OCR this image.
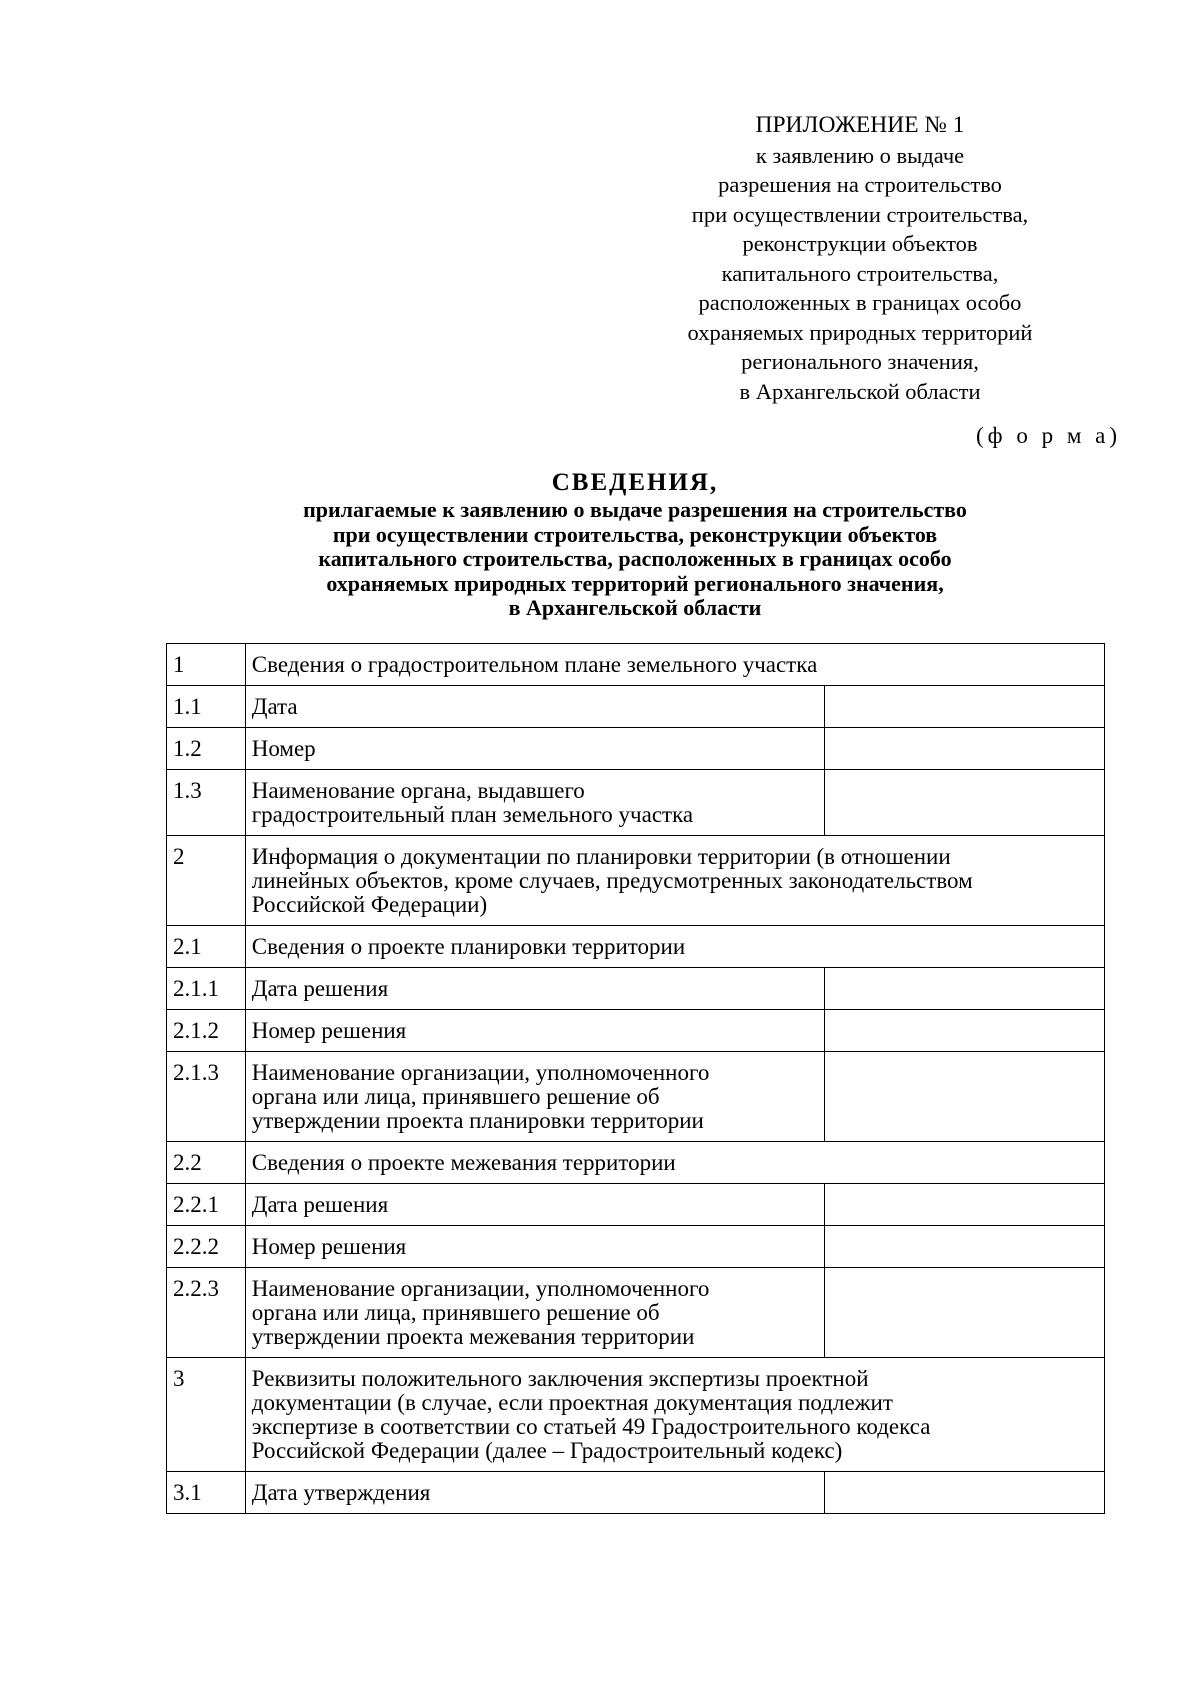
ПРИЛОЖЕНИЕ № 1
к заявлению о выдаче
разрешения на строительство
при осуществлении строительства,
реконструкции объектов
капитального строительства,
расположенных в границах особо
охраняемых природных территорий
регионального значения,
в Архангельской области
(ф о р м а)
СВЕДЕНИЯ,
прилагаемые к заявлению о выдаче разрешения на строительство
при осуществлении строительства, реконструкции объектов
капитального строительства, расположенных в границах особо
охраняемых природных территорий регионального значения,
в Архангельской области
1	Сведения о градостроительном плане земельного участка	

1.1	Дата	

1.2	Номер	

1.3	Наименование органа, выдавшего
градостроительный план земельного участка	

2	Информация о документации по планировки территории (в отношении
линейных объектов, кроме случаев, предусмотренных законодательством
Российской Федерации)	

2.1	Сведения о проекте планировки территории	

2.1.1	Дата решения	

2.1.2	Номер решения	

2.1.3	Наименование организации, уполномоченного
органа или лица, принявшего решение об
утверждении проекта планировки территории	

2.2	Сведения о проекте межевания территории	

2.2.1	Дата решения	

2.2.2	Номер решения	

2.2.3	Наименование организации, уполномоченного
органа или лица, принявшего решение об
утверждении проекта межевания территории	

3	Реквизиты положительного заключения экспертизы проектной
документации (в случае, если проектная документация подлежит
экспертизе в соответствии со статьей 49 Градостроительного кодекса
Российской Федерации (далее – Градостроительный кодекс)	

3.1	Дата утверждения	
